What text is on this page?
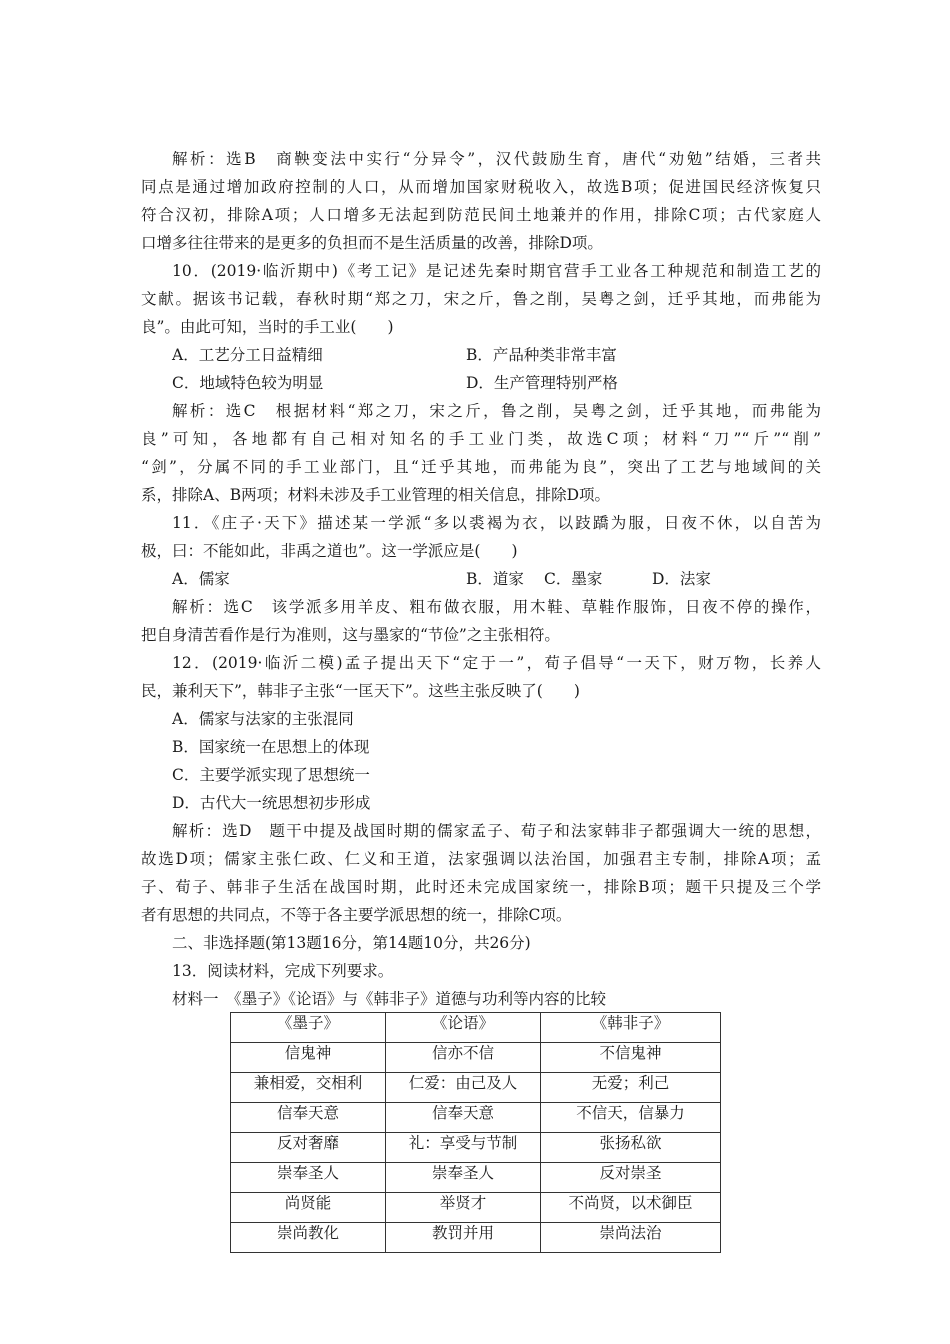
解析：选B　商鞅变法中实行“分异令”，汉代鼓励生育，唐代“劝勉”结婚，三者共
同点是通过增加政府控制的人口，从而增加国家财税收入，故选B项；促进国民经济恢复只
符合汉初，排除A项；人口增多无法起到防范民间土地兼并的作用，排除C项；古代家庭人
口增多往往带来的是更多的负担而不是生活质量的改善，排除D项。
10．(2019·临沂期中)《考工记》是记述先秦时期官营手工业各工种规范和制造工艺的
文献。据该书记载，春秋时期“郑之刀，宋之斤，鲁之削，吴粤之剑，迁乎其地，而弗能为
良”。由此可知，当时的手工业(　　)
A．工艺分工日益精细	B．产品种类非常丰富
C．地域特色较为明显	D．生产管理特别严格
解析：选C　根据材料“郑之刀，宋之斤，鲁之削，吴粤之剑，迁乎其地，而弗能为
良”可知，各地都有自己相对知名的手工业门类，故选C项；材料“刀”“斤”“削”
“剑”，分属不同的手工业部门，且“迁乎其地，而弗能为良”，突出了工艺与地域间的关
系，排除A、B两项；材料未涉及手工业管理的相关信息，排除D项。
11．《庄子·天下》描述某一学派“多以裘褐为衣，以跂蹻为服，日夜不休，以自苦为
极，曰：不能如此，非禹之道也”。这一学派应是(　　)
A．儒家	B．道家 C．墨家	D．法家
解析：选C　该学派多用羊皮、粗布做衣服，用木鞋、草鞋作服饰，日夜不停的操作，
把自身清苦看作是行为准则，这与墨家的“节俭”之主张相符。
12．(2019·临沂二模)孟子提出天下“定于一”，荀子倡导“一天下，财万物，长养人
民，兼利天下”，韩非子主张“一匡天下”。这些主张反映了(　　)
A．儒家与法家的主张混同
B．国家统一在思想上的体现
C．主要学派实现了思想统一
D．古代大一统思想初步形成
解析：选D　题干中提及战国时期的儒家孟子、荀子和法家韩非子都强调大一统的思想，
故选D项；儒家主张仁政、仁义和王道，法家强调以法治国，加强君主专制，排除A项；孟
子、荀子、韩非子生活在战国时期，此时还未完成国家统一，排除B项；题干只提及三个学
者有思想的共同点，不等于各主要学派思想的统一，排除C项。
二、非选择题(第13题16分，第14题10分，共26分)
13．阅读材料，完成下列要求。
材料一　《墨子》《论语》与《韩非子》道德与功利等内容的比较
《墨子》	《论语》	《韩非子》
信鬼神	信亦不信	不信鬼神
兼相爱，交相利	仁爱：由己及人	无爱；利己
信奉天意	信奉天意	不信天，信暴力
反对奢靡	礼：享受与节制	张扬私欲
崇奉圣人	崇奉圣人	反对崇圣
尚贤能	举贤才	不尚贤，以术御臣
崇尚教化	教罚并用	崇尚法治
